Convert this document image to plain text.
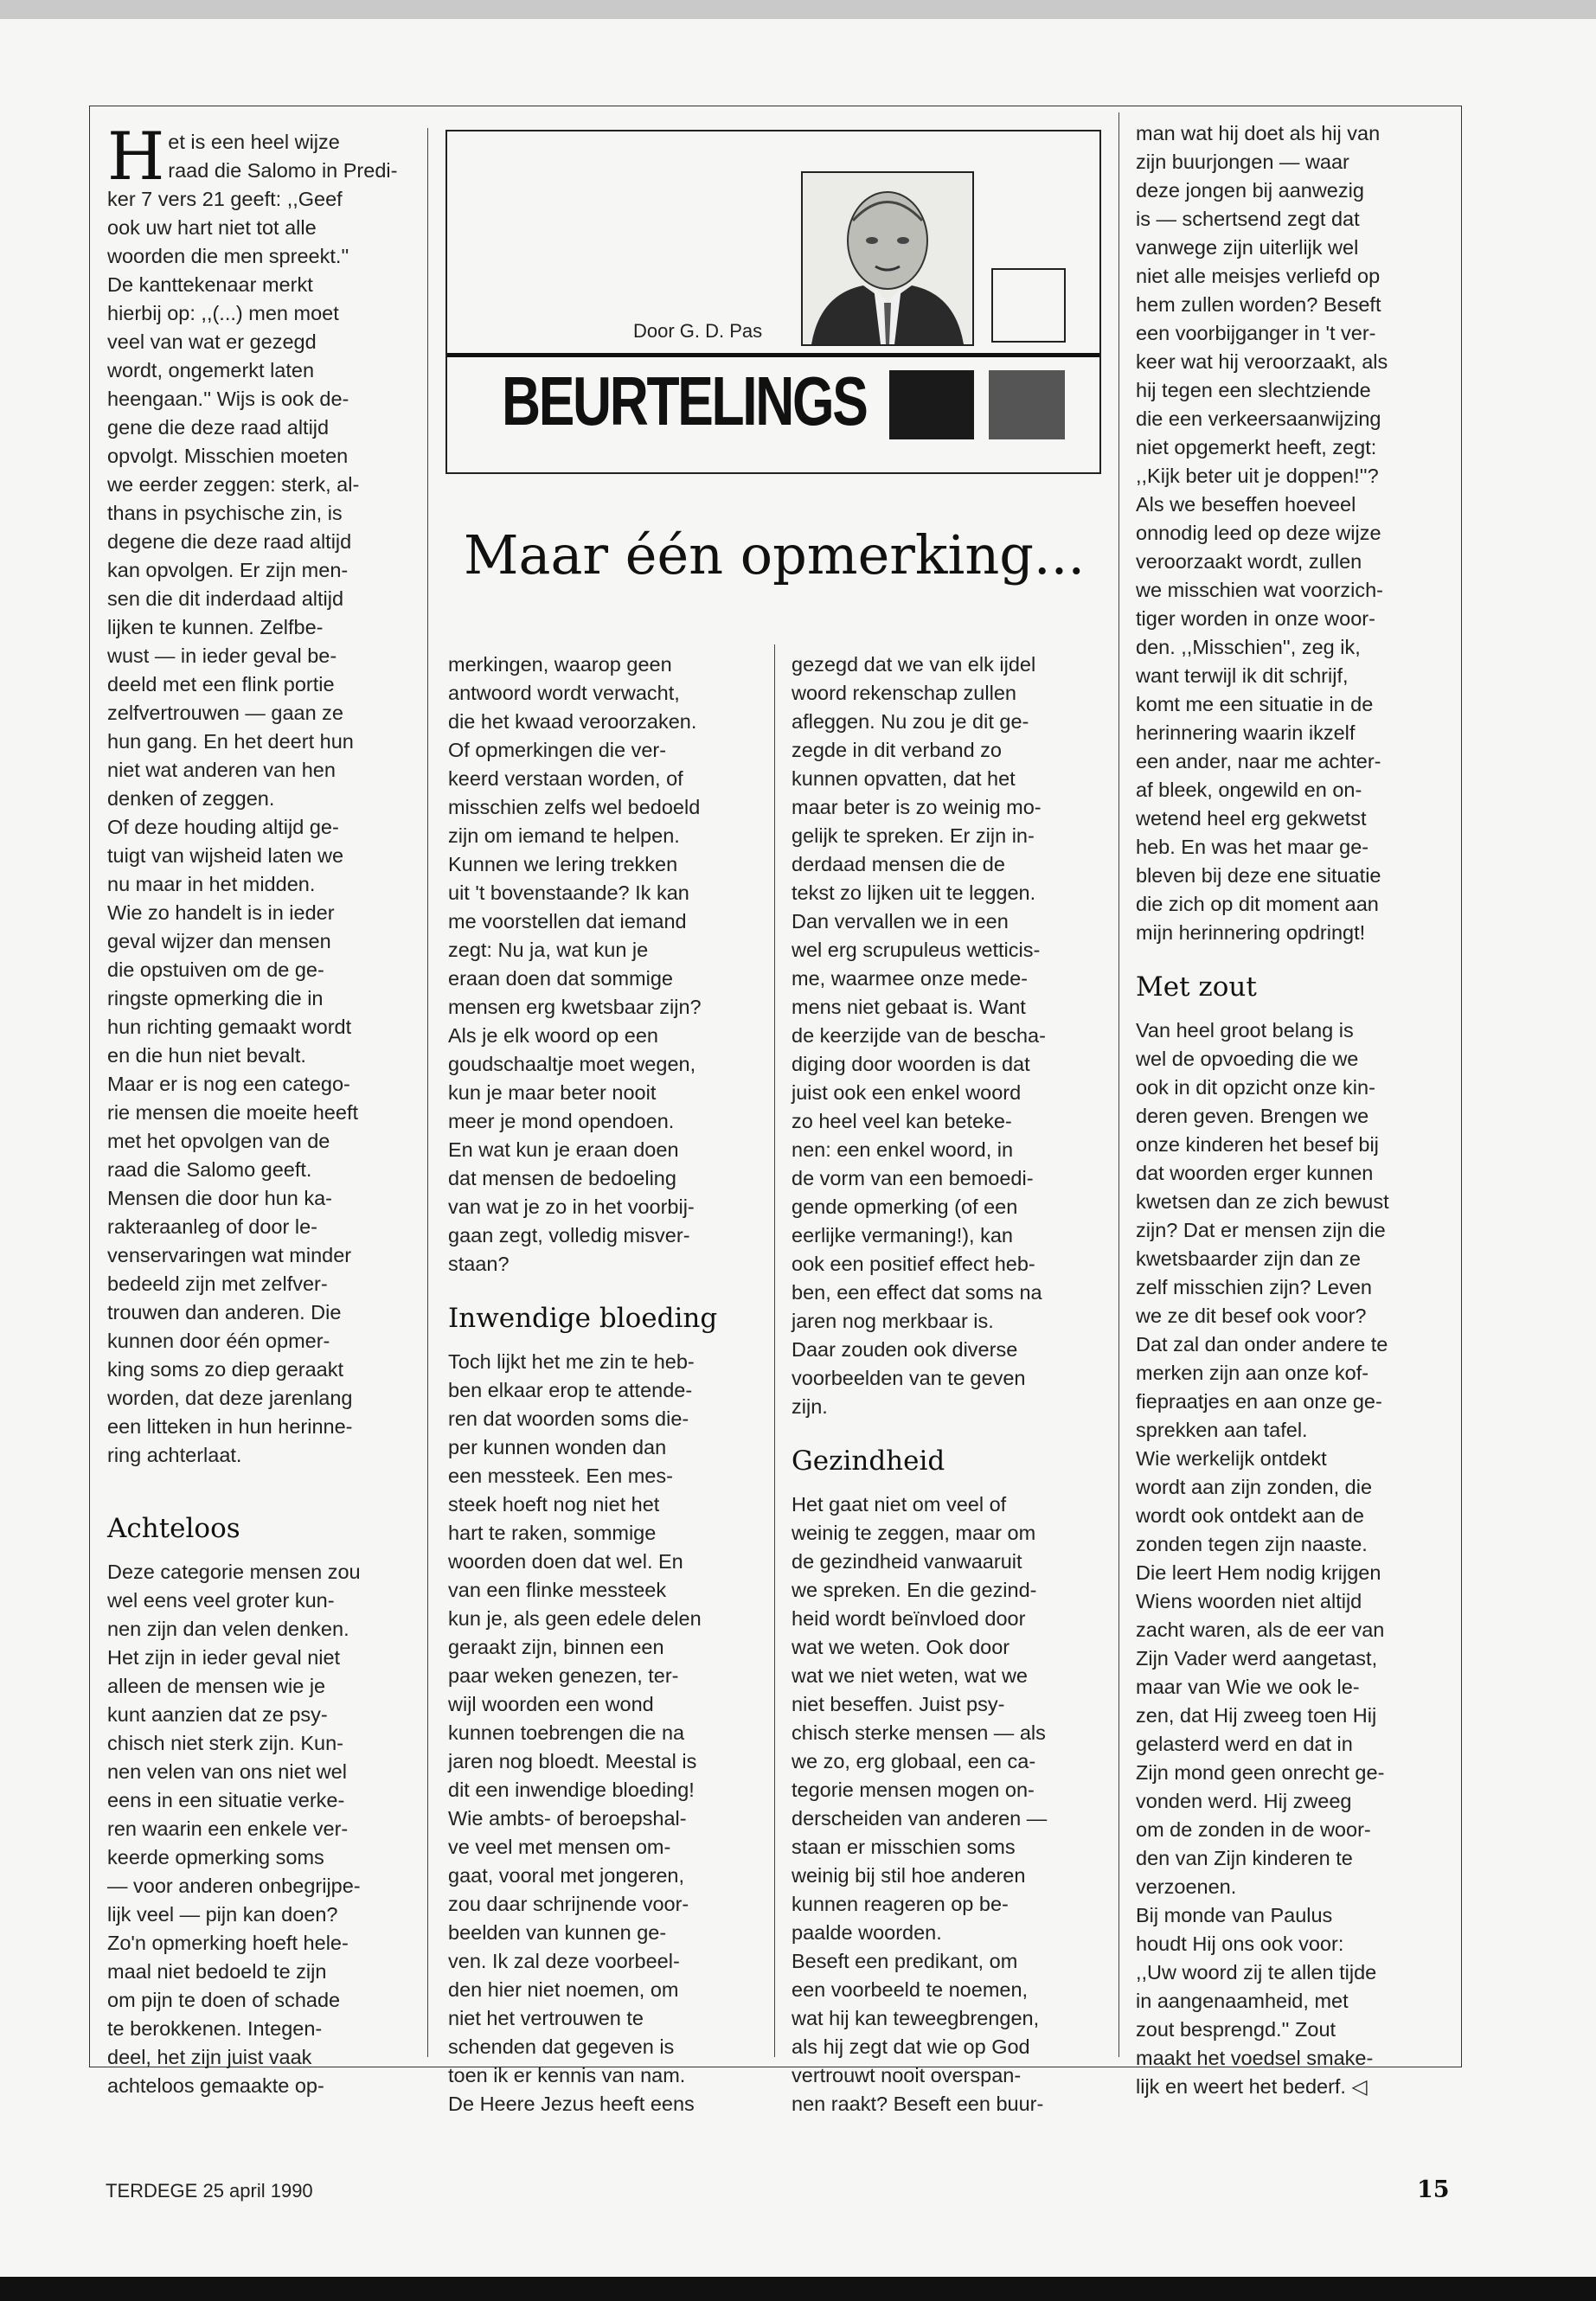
Het is een heel wijze
raad die Salomo in Predi-
ker 7 vers 21 geeft: ,,Geef
ook uw hart niet tot alle
woorden die men spreekt.''
De kanttekenaar merkt
hierbij op: ,,(...) men moet
veel van wat er gezegd
wordt, ongemerkt laten
heengaan.'' Wijs is ook de-
gene die deze raad altijd
opvolgt. Misschien moeten
we eerder zeggen: sterk, al-
thans in psychische zin, is
degene die deze raad altijd
kan opvolgen. Er zijn men-
sen die dit inderdaad altijd
lijken te kunnen. Zelfbe-
wust — in ieder geval be-
deeld met een flink portie
zelfvertrouwen — gaan ze
hun gang. En het deert hun
niet wat anderen van hen
denken of zeggen.
Of deze houding altijd ge-
tuigt van wijsheid laten we
nu maar in het midden.
Wie zo handelt is in ieder
geval wijzer dan mensen
die opstuiven om de ge-
ringste opmerking die in
hun richting gemaakt wordt
en die hun niet bevalt.
Maar er is nog een catego-
rie mensen die moeite heeft
met het opvolgen van de
raad die Salomo geeft.
Mensen die door hun ka-
rakteraanleg of door le-
venservaringen wat minder
bedeeld zijn met zelfver-
trouwen dan anderen. Die
kunnen door één opmer-
king soms zo diep geraakt
worden, dat deze jarenlang
een litteken in hun herinne-
ring achterlaat.

Achteloos

Deze categorie mensen zou
wel eens veel groter kun-
nen zijn dan velen denken.
Het zijn in ieder geval niet
alleen de mensen wie je
kunt aanzien dat ze psy-
chisch niet sterk zijn. Kun-
nen velen van ons niet wel
eens in een situatie verke-
ren waarin een enkele ver-
keerde opmerking soms
— voor anderen onbegrijpe-
lijk veel — pijn kan doen?
Zo'n opmerking hoeft hele-
maal niet bedoeld te zijn
om pijn te doen of schade
te berokkenen. Integen-
deel, het zijn juist vaak
achteloos gemaakte op-

Door G. D. Pas
BEURTELINGS
Maar één opmerking...

merkingen, waarop geen
antwoord wordt verwacht,
die het kwaad veroorzaken.
Of opmerkingen die ver-
keerd verstaan worden, of
misschien zelfs wel bedoeld
zijn om iemand te helpen.
Kunnen we lering trekken
uit 't bovenstaande? Ik kan
me voorstellen dat iemand
zegt: Nu ja, wat kun je
eraan doen dat sommige
mensen erg kwetsbaar zijn?
Als je elk woord op een
goudschaaltje moet wegen,
kun je maar beter nooit
meer je mond opendoen.
En wat kun je eraan doen
dat mensen de bedoeling
van wat je zo in het voorbij-
gaan zegt, volledig misver-
staan?

Inwendige bloeding

Toch lijkt het me zin te heb-
ben elkaar erop te attende-
ren dat woorden soms die-
per kunnen wonden dan
een messteek. Een mes-
steek hoeft nog niet het
hart te raken, sommige
woorden doen dat wel. En
van een flinke messteek
kun je, als geen edele delen
geraakt zijn, binnen een
paar weken genezen, ter-
wijl woorden een wond
kunnen toebrengen die na
jaren nog bloedt. Meestal is
dit een inwendige bloeding!
Wie ambts- of beroepshal-
ve veel met mensen om-
gaat, vooral met jongeren,
zou daar schrijnende voor-
beelden van kunnen ge-
ven. Ik zal deze voorbeel-
den hier niet noemen, om
niet het vertrouwen te
schenden dat gegeven is
toen ik er kennis van nam.
De Heere Jezus heeft eens

gezegd dat we van elk ijdel
woord rekenschap zullen
afleggen. Nu zou je dit ge-
zegde in dit verband zo
kunnen opvatten, dat het
maar beter is zo weinig mo-
gelijk te spreken. Er zijn in-
derdaad mensen die de
tekst zo lijken uit te leggen.
Dan vervallen we in een
wel erg scrupuleus wetticis-
me, waarmee onze mede-
mens niet gebaat is. Want
de keerzijde van de bescha-
diging door woorden is dat
juist ook een enkel woord
zo heel veel kan beteke-
nen: een enkel woord, in
de vorm van een bemoedi-
gende opmerking (of een
eerlijke vermaning!), kan
ook een positief effect heb-
ben, een effect dat soms na
jaren nog merkbaar is.
Daar zouden ook diverse
voorbeelden van te geven
zijn.

Gezindheid

Het gaat niet om veel of
weinig te zeggen, maar om
de gezindheid vanwaaruit
we spreken. En die gezind-
heid wordt beïnvloed door
wat we weten. Ook door
wat we niet weten, wat we
niet beseffen. Juist psy-
chisch sterke mensen — als
we zo, erg globaal, een ca-
tegorie mensen mogen on-
derscheiden van anderen —
staan er misschien soms
weinig bij stil hoe anderen
kunnen reageren op be-
paalde woorden.
Beseft een predikant, om
een voorbeeld te noemen,
wat hij kan teweegbrengen,
als hij zegt dat wie op God
vertrouwt nooit overspan-
nen raakt? Beseft een buur-

man wat hij doet als hij van
zijn buurjongen — waar
deze jongen bij aanwezig
is — schertsend zegt dat
vanwege zijn uiterlijk wel
niet alle meisjes verliefd op
hem zullen worden? Beseft
een voorbijganger in 't ver-
keer wat hij veroorzaakt, als
hij tegen een slechtziende
die een verkeersaanwijzing
niet opgemerkt heeft, zegt:
,,Kijk beter uit je doppen!''?
Als we beseffen hoeveel
onnodig leed op deze wijze
veroorzaakt wordt, zullen
we misschien wat voorzich-
tiger worden in onze woor-
den. ,,Misschien'', zeg ik,
want terwijl ik dit schrijf,
komt me een situatie in de
herinnering waarin ikzelf
een ander, naar me achter-
af bleek, ongewild en on-
wetend heel erg gekwetst
heb. En was het maar ge-
bleven bij deze ene situatie
die zich op dit moment aan
mijn herinnering opdringt!

Met zout

Van heel groot belang is
wel de opvoeding die we
ook in dit opzicht onze kin-
deren geven. Brengen we
onze kinderen het besef bij
dat woorden erger kunnen
kwetsen dan ze zich bewust
zijn? Dat er mensen zijn die
kwetsbaarder zijn dan ze
zelf misschien zijn? Leven
we ze dit besef ook voor?
Dat zal dan onder andere te
merken zijn aan onze kof-
fiepraatjes en aan onze ge-
sprekken aan tafel.
Wie werkelijk ontdekt
wordt aan zijn zonden, die
wordt ook ontdekt aan de
zonden tegen zijn naaste.
Die leert Hem nodig krijgen
Wiens woorden niet altijd
zacht waren, als de eer van
Zijn Vader werd aangetast,
maar van Wie we ook le-
zen, dat Hij zweeg toen Hij
gelasterd werd en dat in
Zijn mond geen onrecht ge-
vonden werd. Hij zweeg
om de zonden in de woor-
den van Zijn kinderen te
verzoenen.
Bij monde van Paulus
houdt Hij ons ook voor:
,,Uw woord zij te allen tijde
in aangenaamheid, met
zout besprengd.'' Zout
maakt het voedsel smake-
lijk en weert het bederf. ◁
TERDEGE 25 april 1990	15
